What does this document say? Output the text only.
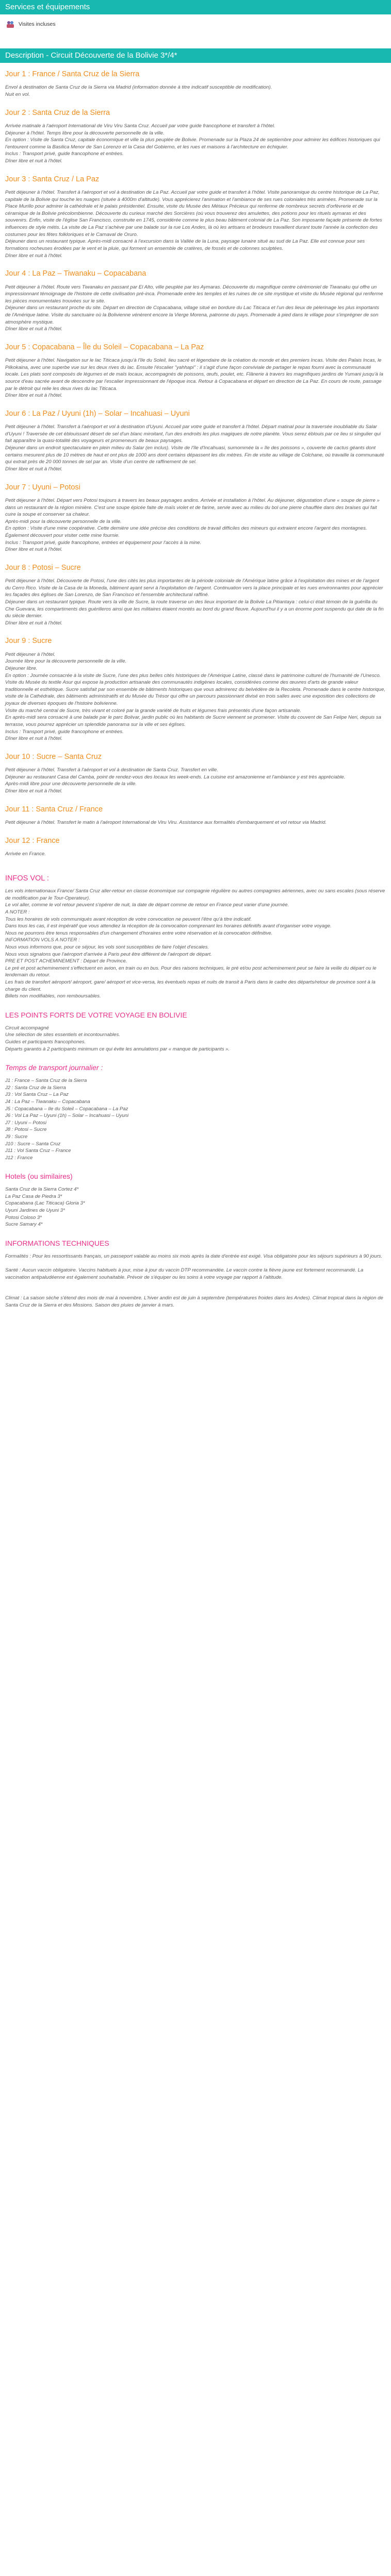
Services et équipements
Visites incluses
Description - Circuit Découverte de la Bolivie 3*/4*
Jour 1 : France / Santa Cruz de la Sierra

Envol à destination de Santa Cruz de la Sierra via Madrid (information donnée à titre indicatif susceptible de modification).

Nuit en vol.

Jour 2 : Santa Cruz de la Sierra

Arrivée matinale à l'aéroport International de Viru Viru Santa Cruz. Accueil par votre guide francophone et transfert à l'hôtel.

Déjeuner à l'hôtel. Temps libre pour la découverte personnelle de la ville.

En option : Visite de Santa Cruz, capitale économique et ville la plus peuplée de Bolivie. Promenade sur la Plaza 24 de septiembre pour admirer les édifices historiques qui l'entourent comme la Basilica Menor de San Lorenzo et la Casa del Gobierno, et les rues et maisons à l'architecture en échiquier.

Inclus : Transport privé, guide francophone et entrées.

Dîner libre et nuit à l'hôtel.

Jour 3 : Santa Cruz / La Paz

Petit déjeuner à l'hôtel. Transfert à l'aéroport et vol à destination de La Paz. Accueil par votre guide et transfert à l'hôtel. Visite panoramique du centre historique de La Paz, capitale de la Bolivie qui touche les nuages (située à 4000m d'altitude). Vous apprécierez l'animation et l'ambiance de ses rues coloniales très animées. Promenade sur la Place Murillo pour admirer la cathédrale et le palais présidentiel. Ensuite, visite du Musée des Métaux Précieux qui renferme de nombreux secrets d'orfèvrerie et de céramique de la Bolivie précolombienne. Découverte du curieux marché des Sorcières (où vous trouverez des amulettes, des potions pour les rituels aymaras et des souvenirs. Enfin, visite de l'église San Francisco, construite en 1745, considérée comme le plus beau bâtiment colonial de La Paz. Son imposante façade présente de fortes influences de style métis. La visite de La Paz s'achève par une balade sur la rue Los Andes, là où les artisans et brodeurs travaillent durant toute l'année la confection des costumes pour les fêtes folkloriques et le Carnaval de Oruro.

Déjeuner dans un restaurant typique. Après-midi consacré à l'excursion dans la Vallée de la Luna, paysage lunaire situé au sud de La Paz. Elle est connue pour ses formations rocheuses érodées par le vent et la pluie, qui forment un ensemble de cratères, de fossés et de colonnes sculptées.

Dîner libre et nuit à l'hôtel.

Jour 4 : La Paz – Tiwanaku – Copacabana

Petit déjeuner à l'hôtel. Route vers Tiwanaku en passant par El Alto, ville peuplée par les Aymaras. Découverte du magnifique centre cérémoniel de Tiwanaku qui offre un impressionnant témoignage de l'histoire de cette civilisation pré-inca. Promenade entre les temples et les ruines de ce site mystique et visite du Musée régional qui renferme les pièces monumentales trouvées sur le site.

Déjeuner dans un restaurant proche du site. Départ en direction de Copacabana, village situé en bordure du Lac Titicaca et l'un des lieux de pèlerinage les plus importants de l'Amérique latine. Visite du sanctuaire où la Bolivienne vénèrent encore la Vierge Morena, patronne du pays. Promenade à pied dans le village pour s'imprégner de son atmosphère mystique.

Dîner libre et nuit à l'hôtel.

Jour 5 : Copacabana – Île du Soleil – Copacabana – La Paz

Petit déjeuner à l'hôtel. Navigation sur le lac Titicaca jusqu'à l'île du Soleil, lieu sacré et légendaire de la création du monde et des premiers Incas. Visite des Palais Incas, le Pilkokaina, avec une superbe vue sur les deux rives du lac. Ensuite l'éscalier "yahhapi" : il s'agit d'une façon conviviale de partager le repas fourni avec la communauté locale. Les plats sont composés de légumes et de maïs locaux, accompagnés de poissons, œufs, poulet, etc. Flânerie à travers les magnifiques jardins de Yumani jusqu'à la source d'eau sacrée avant de descendre par l'escalier impressionnant de l'époque inca. Retour à Copacabana et départ en direction de La Paz. En cours de route, passage par le détroit qui relie les deux rives du lac Titicaca.

Dîner libre et nuit à l'hôtel.

Jour 6 : La Paz / Uyuni (1h) – Solar – Incahuasi – Uyuni

Petit déjeuner à l'hôtel. Transfert à l'aéroport et vol à destination d'Uyuni. Accueil par votre guide et transfert à l'hôtel. Départ matinal pour la traversée inoubliable du Salar d'Uyuni ! Traversée de cet éblouissant désert de sel d'un blanc miroitant, l'un des endroits les plus magiques de notre planète. Vous serez éblouis par ce lieu si singulier qui fait apparaître la quasi-totalité des voyageurs et promeneurs de beaux paysages.

Déjeuner dans un endroit spectaculaire en plein milieu du Salar (en inclus). Visite de l'île d'Incahuasi, surnommée la « île des poissons », couverte de cactus géants dont certains mesurent plus de 10 mètres de haut et ont plus de 1000 ans dont certains dépassent les dix mètres. Fin de visite au village de Colchane, où travaille la communauté qui extrait près de 20 000 tonnes de sel par an. Visite d'un centre de raffinement de sel.

Dîner libre et nuit à l'hôtel.

Jour 7 : Uyuni – Potosi

Petit déjeuner à l'hôtel. Départ vers Potosi toujours à travers les beaux paysages andins. Arrivée et installation à l'hôtel. Au déjeuner, dégustation d'une « soupe de pierre » dans un restaurant de la région minière. C'est une soupe épicée faite de maïs violet et de farine, servie avec au milieu du bol une pierre chauffée dans des braises qui fait cuire la soupe et conserver sa chaleur.

Après-midi pour la découverte personnelle de la ville.

En option : Visite d'une mine coopérative. Cette dernière une idée précise des conditions de travail difficiles des mineurs qui extraient encore l'argent des montagnes. Également découvert pour visiter cette mine fournie.

Inclus : Transport privé, guide francophone, entrées et équipement pour l'accès à la mine.

Dîner libre et nuit à l'hôtel.

Jour 8 : Potosi – Sucre

Petit déjeuner à l'hôtel. Découverte de Potosi, l'une des cités les plus importantes de la période coloniale de l'Amérique latine grâce à l'exploitation des mines et de l'argent du Cerro Rico. Visite de la Casa de la Moneda, bâtiment ayant servi à l'exploitation de l'argent. Continuation vers la place principale et les rues environnantes pour apprécier les façades des églises de San Lorenzo, de San Francisco et l'ensemble architectural raffiné.

Déjeuner dans un restaurant typique. Route vers la ville de Sucre, la route traverse un des lieux important de la Bolivie La Pitiantaya : celui-ci était témoin de la guérilla du Che Guevara, les compartiments des guérilleros ainsi que les militaires étaient montés au bord du grand fleuve. Aujourd'hui il y a un énorme pont suspendu qui date de la fin du siècle dernier.

Dîner libre et nuit à l'hôtel.

Jour 9 : Sucre

Petit déjeuner à l'hôtel.

Journée libre pour la découverte personnelle de la ville.

Déjeuner libre.

En option : Journée consacrée à la visite de Sucre, l'une des plus belles cités historiques de l'Amérique Latine, classé dans le patrimoine culturel de l'humanité de l'Unesco. Visite du Musée du textile Asur qui expose la production artisanale des communautés indigènes locales, considérées comme des œuvres d'arts de grande valeur traditionnelle et esthétique. Sucre satisfait par son ensemble de bâtiments historiques que vous admirerez du belvédère de la Recoleta. Promenade dans le centre historique, visite de la Cathédrale, des bâtiments administratifs et du Musée du Trésor qui offre un parcours passionnant divisé en trois salles avec une exposition des collections de joyaux de diverses époques de l'histoire bolivienne.

Visite du marché central de Sucre, très vivant et coloré par la grande variété de fruits et légumes frais présentés d'une façon artisanale.

En après-midi sera consacré à une balade par le parc Bolivar, jardin public où les habitants de Sucre viennent se promener. Visite du couvent de San Felipe Neri, depuis sa terrasse, vous pourrez apprécier un splendide panorama sur la ville et ses églises.

Inclus : Transport privé, guide francophone et entrées.

Dîner libre et nuit à l'hôtel.

Jour 10 : Sucre – Santa Cruz

Petit déjeuner à l'hôtel. Transfert à l'aéroport et vol à destination de Santa Cruz. Transfert en ville.

Déjeuner au restaurant Casa del Camba, point de rendez-vous des locaux les week-ends. La cuisine est amazonienne et l'ambiance y est très appréciable.

Après-midi libre pour une découverte personnelle de la ville.

Dîner libre et nuit à l'hôtel.

Jour 11 : Santa Cruz / France

Petit déjeuner à l'hôtel. Transfert le matin à l'aéroport International de Viru Viru. Assistance aux formalités d'embarquement et vol retour via Madrid.

Jour 12 : France

Arrivée en France.

INFOS VOL :

Les vols internationaux France/ Santa Cruz aller-retour en classe économique sur compagnie régulière ou autres compagnies aériennes, avec ou sans escales (sous réserve de modification par le Tour-Operateur).

Le vol aller, comme le vol retour peuvent s'opérer de nuit, la date de départ comme de retour en France peut varier d'une journée.

A NOTER :

Tous les horaires de vols communiqués avant réception de votre convocation ne peuvent l'être qu'à titre indicatif.

Dans tous les cas, il est impératif que vous attendiez la réception de la convocation comprenant les horaires définitifs avant d'organiser votre voyage.

Nous ne pourrons être tenus responsables d'un changement d'horaires entre votre réservation et la convocation définitive.

INFORMATION VOLS A NOTER :

Nous vous informons que, pour ce séjour, les vols sont susceptibles de faire l'objet d'escales.

Nous vous signalons que l'aéroport d'arrivée à Paris peut être différent de l'aéroport de départ.

PRE ET POST ACHEMINEMENT : Départ de Province.

Le pré et post acheminement s'effectuent en avion, en train ou en bus. Pour des raisons techniques, le pré et/ou post acheminement peut se faire la veille du départ ou le lendemain du retour.

Les frais de transfert aéroport/ aéroport, gare/ aéroport et vice-versa, les éventuels repas et nuits de transit à Paris dans le cadre des départs/retour de province sont à la charge du client.

Billets non modifiables, non remboursables.

LES POINTS FORTS DE VOTRE VOYAGE EN BOLIVIE

Circuit accompagné

Une sélection de sites essentiels et incontournables.

Guides et participants francophones.

Départs garantis à 2 participants minimum ce qui évite les annulations par « manque de participants ».

Temps de transport journalier :

J1 : France – Santa Cruz de la Sierra

J2 : Santa Cruz de la Sierra

J3 : Vol Santa Cruz – La Paz

J4 : La Paz – Tiwanaku – Copacabana

J5 : Copacabana – Ile du Soleil – Copacabana – La Paz

J6 : Vol La Paz – Uyuni (1h) – Solar – Incahuasi – Uyuni

J7 : Uyuni – Potosi

J8 : Potosi – Sucre

J9 : Sucre

J10 : Sucre – Santa Cruz

J11 : Vol Santa Cruz – France

J12 : France

Hotels (ou similaires)

Santa Cruz de la Sierra Cortez 4*

La Paz Casa de Piedra 3*

Copacabana (Lac Titicaca) Gloria 3*

Uyuni Jardines de Uyuni 3*

Potosi Coloso 3*

Sucre Samary 4*

INFORMATIONS TECHNIQUES

Formalités : Pour les ressortissants français, un passeport valable au moins six mois après la date d'entrée est exigé. Visa obligatoire pour les séjours supérieurs à 90 jours.

Santé : Aucun vaccin obligatoire. Vaccins habituels à jour, mise à jour du vaccin DTP recommandée. Le vaccin contre la fièvre jaune est fortement recommandé. La vaccination antipaludéenne est également souhaitable. Prévoir de s'équiper ou les soins à votre voyage par rapport à l'altitude.

Climat : La saison sèche s'étend des mois de mai à novembre. L'hiver andin est de juin à septembre (températures froides dans les Andes). Climat tropical dans la région de Santa Cruz de la Sierra et des Missions. Saison des pluies de janvier à mars.
